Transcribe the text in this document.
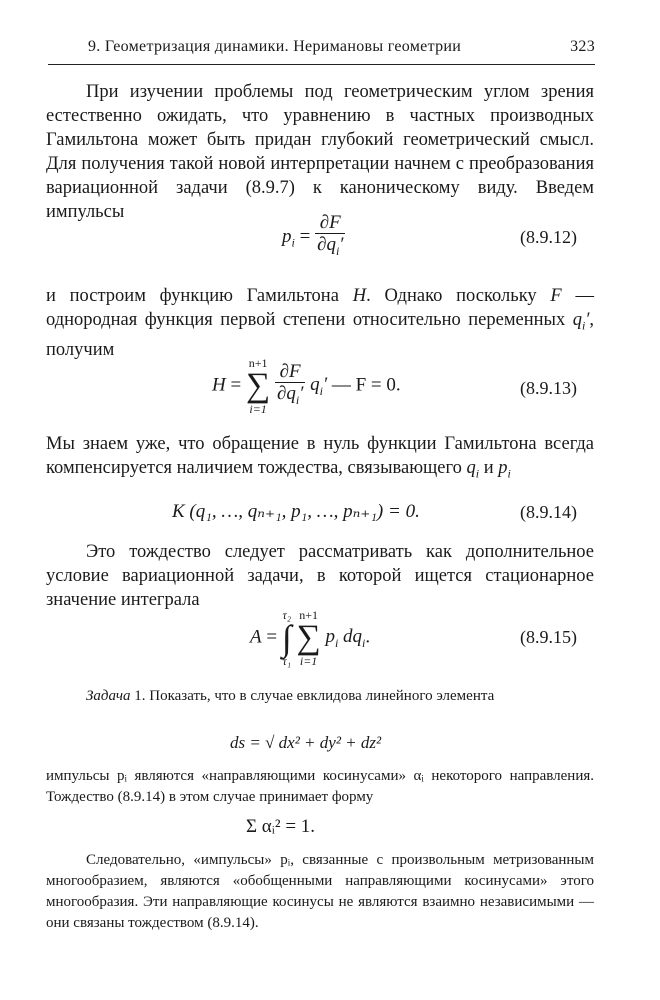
9. Геометризация динамики. Неримановы геометрии	323

При изучении проблемы под геометрическим углом зрения естественно ожидать, что уравнению в частных производных Гамильтона может быть придан глубокий геометрический смысл. Для получения такой новой интерпретации начнем с преобразования вариационной задачи (8.9.7) к каноническому виду. Введем импульсы

$p_i = \frac{\partial F}{\partial q_i'}$	(8.9.12)

и построим функцию Гамильтона H. Однако поскольку F — однородная функция первой степени относительно переменных $q_i'$, получим

H =
n+1
∑
i=1
$\frac{\partial F}{\partial q_i'} q_i'$ — F = 0.	(8.9.13)

Мы знаем уже, что обращение в нуль функции Гамильтона всегда компенсируется наличием тождества, связывающего $q_i$ и $p_i$

K (q₁, …, qₙ₊₁, p₁, …, pₙ₊₁) = 0.	(8.9.14)

Это тождество следует рассматривать как дополнительное условие вариационной задачи, в которой ищется стационарное значение интеграла

A =
τ₂
∫
τ₁

n+1
∑
i=1
$p_i$ $dq_i$.	(8.9.15)

Задача 1. Показать, что в случае евклидова линейного элемента

ds = √ dx² + dy² + dz²

импульсы pᵢ являются «направляющими косинусами» αᵢ некоторого направления. Тождество (8.9.14) в этом случае принимает форму

Σ αᵢ² = 1.

Следовательно, «импульсы» pᵢ, связанные с произвольным метризованным многообразием, являются «обобщенными направляющими косинусами» этого многообразия. Эти направляющие косинусы не являются взаимно независимыми — они связаны тождеством (8.9.14).
